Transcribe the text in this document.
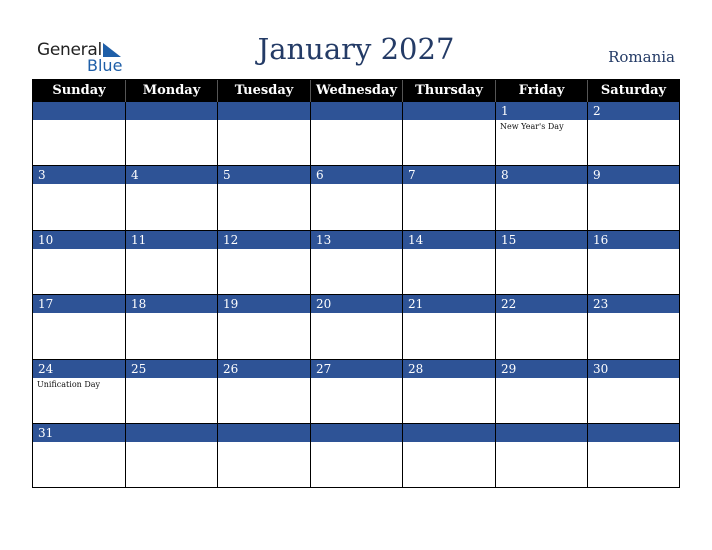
General
Blue	January 2027	Romania
Sunday	Monday	Tuesday	Wednesday	Thursday	Friday	Saturday
1
New Year's Day
2
3	4	5	6	7	8	9
10	11	12	13	14	15	16
17	18	19	20	21	22	23
24
Unification Day
25	26	27	28	29	30
31
